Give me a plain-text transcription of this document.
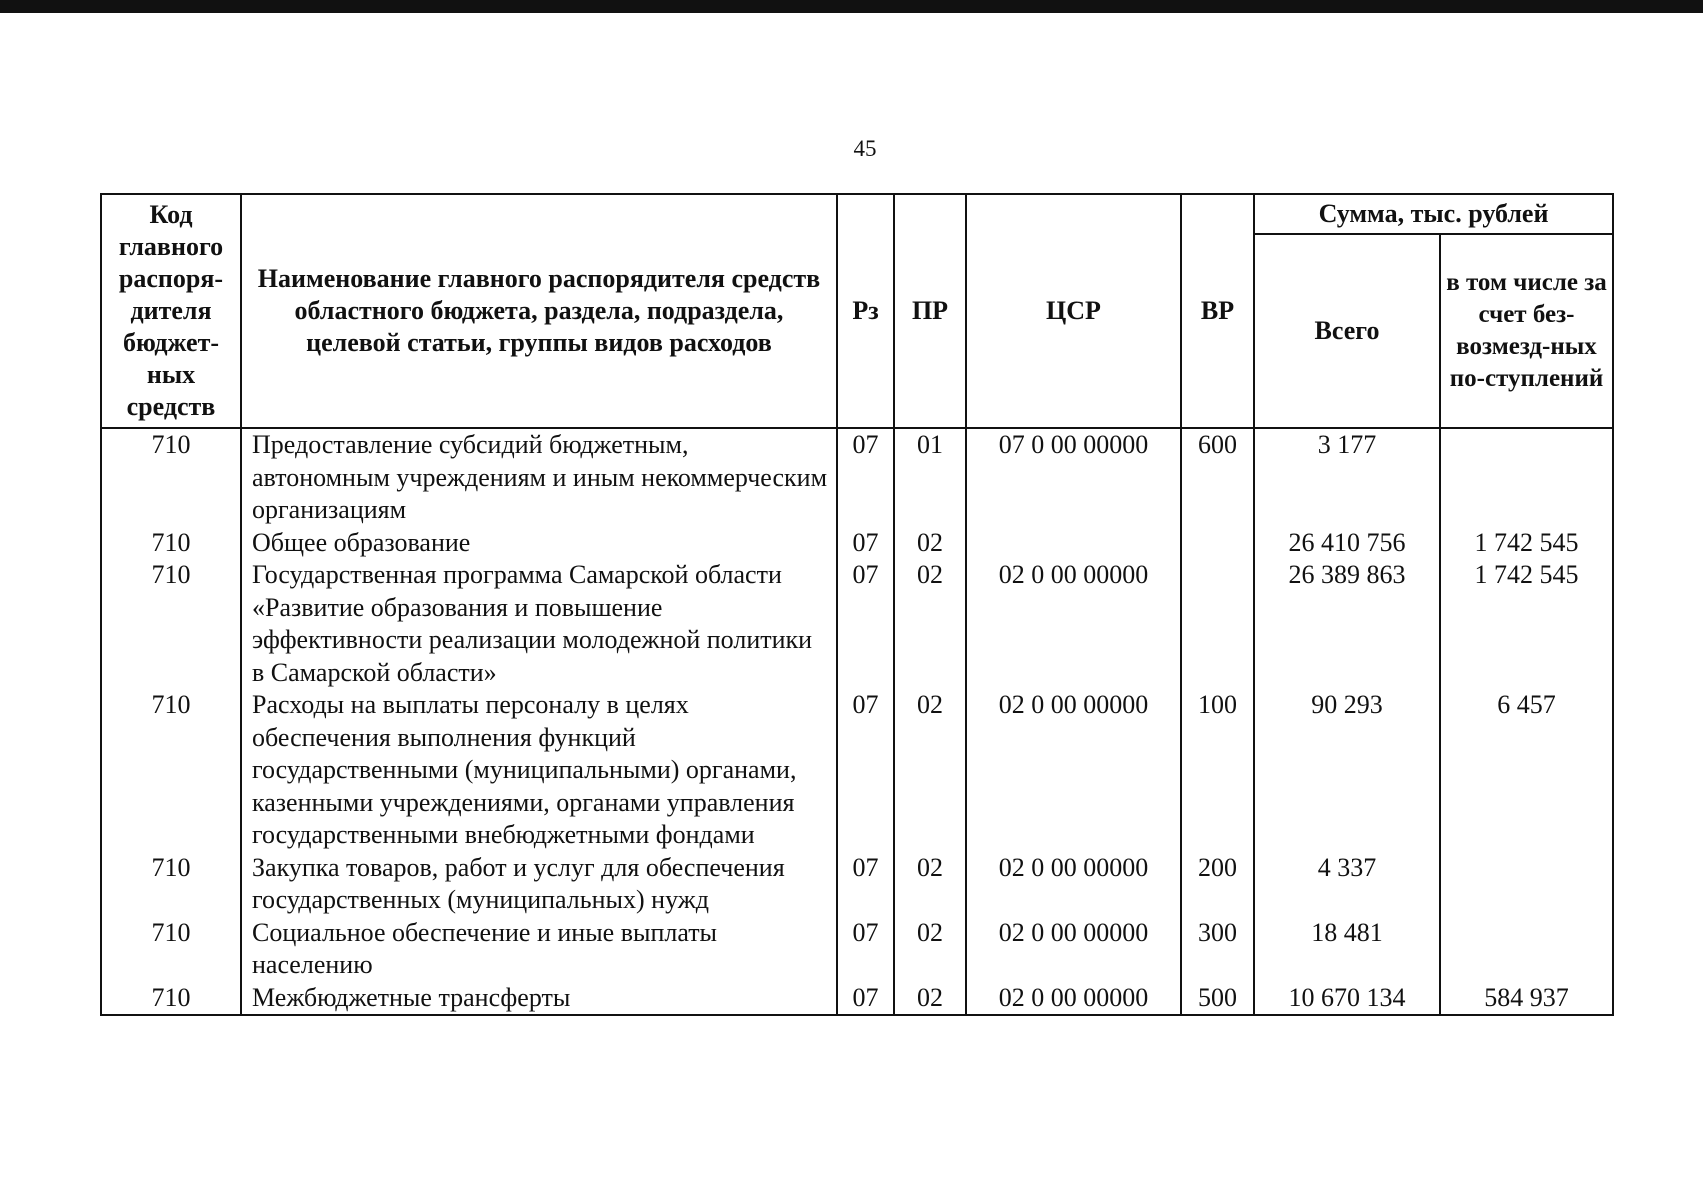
45
Код главного распоря-дителя бюджет-ных средств	Наименование главного распорядителя средств областного бюджета, раздела, подраздела, целевой статьи, группы видов расходов	Рз	ПР	ЦСР	ВР	Сумма, тыс. рублей	
						Всего	в том числе за счет без-возмезд-ных по-ступлений
710	Предоставление субсидий бюджетным, автономным учреждениям и иным некоммерческим организациям	07	01	07 0 00 00000	600	3 177	
710	Общее образование	07	02			26 410 756	1 742 545
710	Государственная программа Самарской области «Развитие образования и повышение эффективности реализации молодежной политики в Самарской области»	07	02	02 0 00 00000		26 389 863	1 742 545
710	Расходы на выплаты персоналу в целях обеспечения выполнения функций государственными (муниципальными) органами, казенными учреждениями, органами управления государственными внебюджетными фондами	07	02	02 0 00 00000	100	90 293	6 457
710	Закупка товаров, работ и услуг для обеспечения государственных (муниципальных) нужд	07	02	02 0 00 00000	200	4 337	
710	Социальное обеспечение и иные выплаты населению	07	02	02 0 00 00000	300	18 481	
710	Межбюджетные трансферты	07	02	02 0 00 00000	500	10 670 134	584 937
